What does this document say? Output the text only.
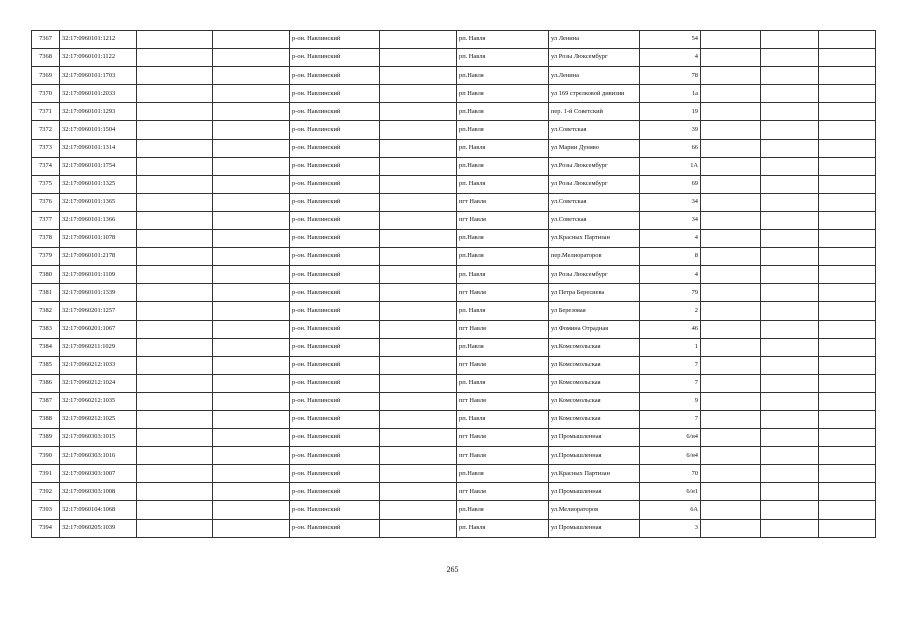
7367	32:17:0960101:1212			р-он. Навлинский		рп. Навля	ул Ленина	54			
7368	32:17:0960101:1122			р-он. Навлинский		рп. Навля	ул Розы Люксембург	4			
7369	32:17:0960101:1703			р-он. Навлинский		рп.Навля	ул.Ленина	78			
7370	32:17:0960101:2033			р-он. Навлинский		рп Навля	ул 169 стрелковой дивизии	1а			
7371	32:17:0960101:1293			р-он. Навлинский		рп.Навля	пер. 1-й Советский	19			
7372	32:17:0960101:1504			р-он. Навлинский		рп.Навля	ул.Советская	39			
7373	32:17:0960101:1314			р-он. Навлинский		рп. Навля	ул Марии Дуняво	66			
7374	32:17:0960101:1754			р-он. Навлинский		рп.Навля	ул.Розы Люксембург	1А			
7375	32:17:0960101:1325			р-он. Навлинский		рп. Навля	ул Розы Люксембург	69			
7376	32:17:0960101:1365			р-он. Навлинский		пгт Навля	ул.Советская	34			
7377	32:17:0960101:1366			р-он. Навлинский		пгт Навля	ул.Советская	34			
7378	32:17:0960101:1078			р-он. Навлинский		рп.Навля	ул.Красных Партизан	4			
7379	32:17:0960101:2178			р-он. Навлинский		рп.Навля	пер.Мелиораторов	8			
7380	32:17:0960101:1109			р-он. Навлинский		рп. Навля	ул Розы Люксембург	4			
7381	32:17:0960101:1339			р-он. Навлинский		пгт Навля	ул Петра Бересиева	79			
7382	32:17:0960201:1257			р-он. Навлинский		рп. Навля	ул Березовая	2			
7383	32:17:0960201:1067			р-он. Навлинский		пгт Навля	ул Фомина Отрадная	46			
7384	32:17:0960211:1029			р-он. Навлинский		рп.Навля	ул.Комсомольская	1			
7385	32:17:0960212:1033			р-он. Навлинский		пгт Навля	ул Комсомольская	7			
7386	32:17:0960212:1024			р-он. Навлинский		рп. Навля	ул Комсомольская	7			
7387	32:17:0960212:1035			р-он. Навлинский		пгт Навля	ул Комсомольская	9			
7388	32:17:0960212:1025			р-он. Навлинский		рп. Навля	ул Комсомольская	7			
7389	32:17:0960303:1015			р-он. Навлинский		пгт Навля	ул Промышленная	6/н4			
7390	32:17:0960303:1016			р-он. Навлинский		пгт Навля	ул.Промышленная	6/н4			
7391	32:17:0960303:1007			р-он. Навлинский		рп.Навля	ул.Красных Партизан	70			
7392	32:17:0960303:1008			р-он. Навлинский		пгт Навля	ул Промышленная	6/н1			
7393	32:17:0960104:1068			р-он. Навлинский		рп.Навля	ул.Мелиораторов	6А			
7394	32:17:0960205:1039			р-он. Навлинский		рп. Навля	ул Промышленная	3			
265
